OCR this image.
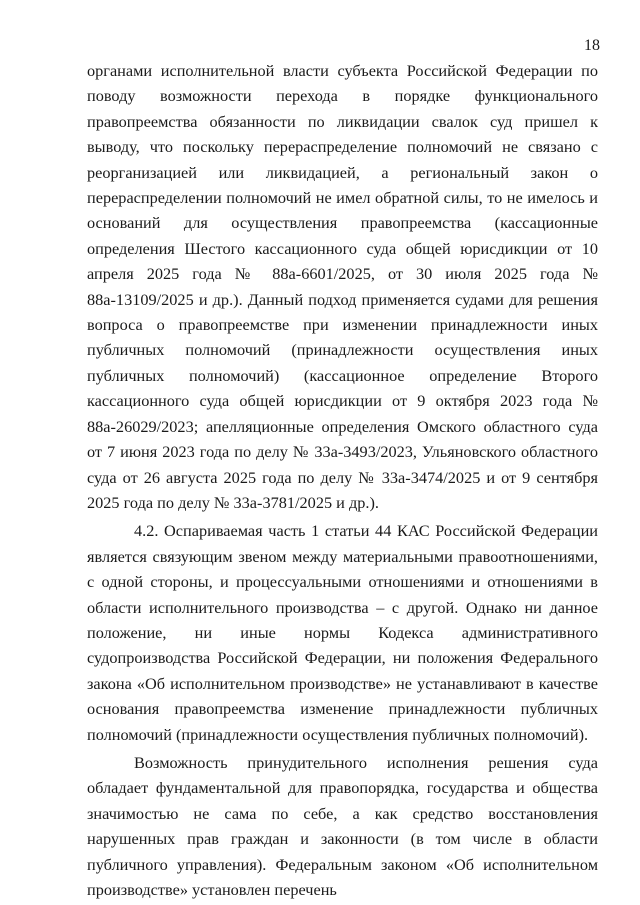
18

органами исполнительной власти субъекта Российской Федерации по поводу возможности перехода в порядке функционального правопреемства обязанности по ликвидации свалок суд пришел к выводу, что поскольку перераспределение полномочий не связано с реорганизацией или ликвидацией, а региональный закон о перераспределении полномочий не имел обратной силы, то не имелось и оснований для осуществления правопреемства (кассационные определения Шестого кассационного суда общей юрисдикции от 10 апреля 2025 года № 88а-6601/2025, от 30 июля 2025 года № 88а-13109/2025 и др.). Данный подход применяется судами для решения вопроса о правопреемстве при изменении принадлежности иных публичных полномочий (принадлежности осуществления иных публичных полномочий) (кассационное определение Второго кассационного суда общей юрисдикции от 9 октября 2023 года № 88а-26029/2023; апелляционные определения Омского областного суда от 7 июня 2023 года по делу № 33а-3493/2023, Ульяновского областного суда от 26 августа 2025 года по делу № 33а-3474/2025 и от 9 сентября 2025 года по делу № 33а-3781/2025 и др.).

4.2. Оспариваемая часть 1 статьи 44 КАС Российской Федерации является связующим звеном между материальными правоотношениями, с одной стороны, и процессуальными отношениями и отношениями в области исполнительного производства – с другой. Однако ни данное положение, ни иные нормы Кодекса административного судопроизводства Российской Федерации, ни положения Федерального закона «Об исполнительном производстве» не устанавливают в качестве основания правопреемства изменение принадлежности публичных полномочий (принадлежности осуществления публичных полномочий).

Возможность принудительного исполнения решения суда обладает фундаментальной для правопорядка, государства и общества значимостью не сама по себе, а как средство восстановления нарушенных прав граждан и законности (в том числе в области публичного управления). Федеральным законом «Об исполнительном производстве» установлен перечень
